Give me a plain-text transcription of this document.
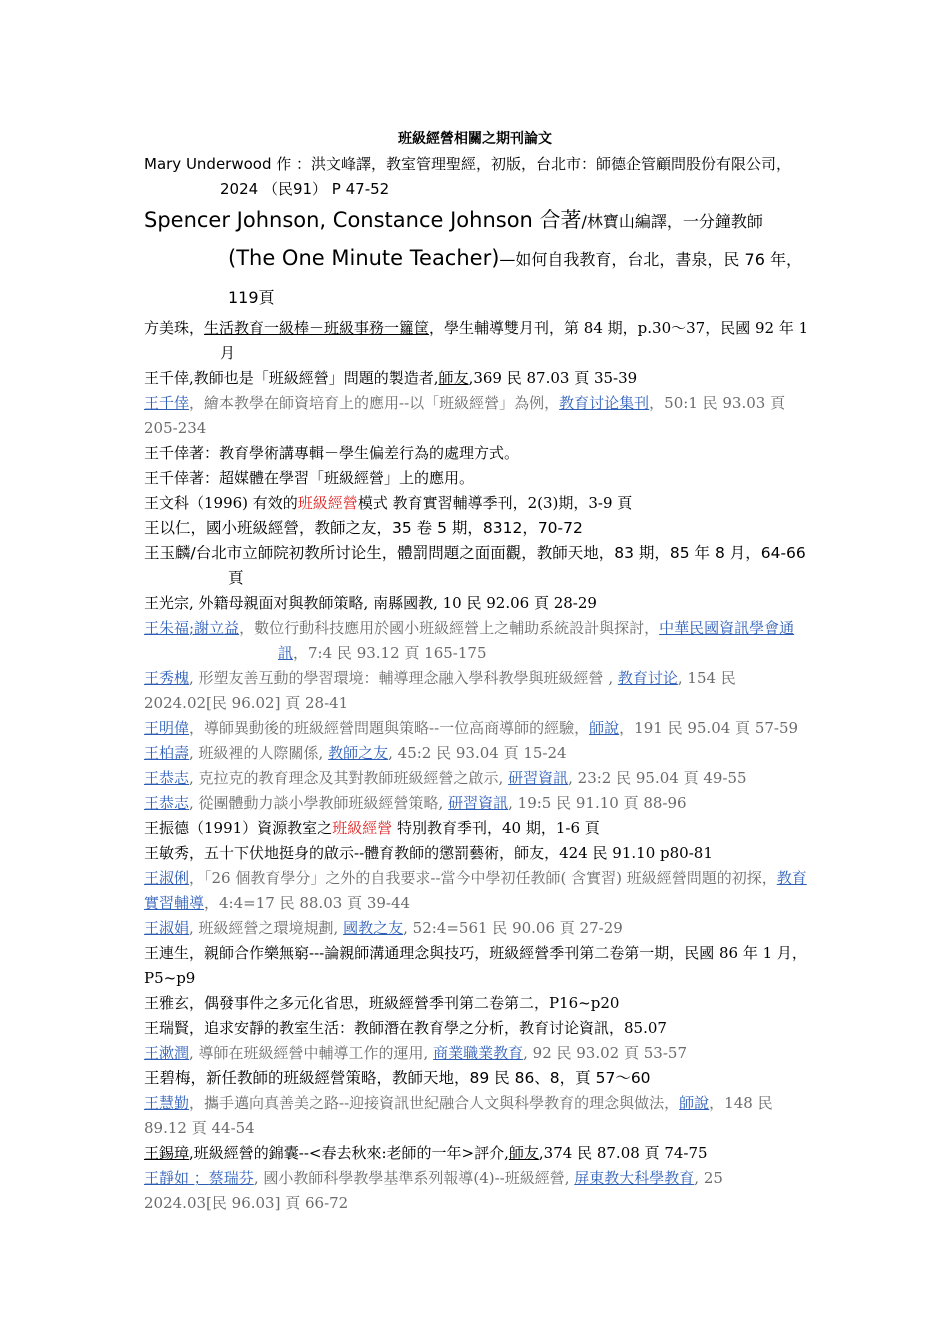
班級經營相關之期刊論文

Mary Underwood 作 ：洪文峰譯，教室管理聖經，初版，台北市：師德企管顧問股份有限公司，2024 （民91） P 47-52

Spencer Johnson, Constance Johnson 合著/林寶山編譯，一分鐘教師(The One Minute Teacher)—如何自我教育，台北，書泉，民 76 年，119頁

方美珠，生活教育一級棒－班級事務一籮筐，學生輔導雙月刊，第 84 期，p.30～37，民國 92 年 1 月

王千倖,教師也是「班級經營」問題的製造者,師友,369 民 87.03 頁 35-39

王千倖，繪本教學在師資培育上的應用--以「班級經營」為例，教育讨论集刊，50:1 民 93.03 頁 205-234

王千倖著：教育學術講專輯－學生偏差行為的處理方式。

王千倖著：超媒體在學習「班級經營」上的應用。

王文科（1996) 有效的班級經營模式 教育實習輔導季刊，2(3)期，3-9 頁

王以仁，國小班級經營，教師之友，35 卷 5 期，8312，70-72

王玉麟/台北市立師院初教所讨论生，體罰問題之面面觀，教師天地，83 期，85 年 8 月，64-66 頁

王光宗, 外籍母親面对與教師策略, 南縣國教, 10 民 92.06 頁 28-29

王朱福;謝立益，數位行動科技應用於國小班級經營上之輔助系統設計與探討，中華民國資訊學會通訊，7:4 民 93.12 頁 165-175

王秀槐, 形塑友善互動的學習環境：輔導理念融入學科教學與班級經營 , 教育讨论, 154 民 2024.02[民 96.02] 頁 28-41

王明偉，導師異動後的班級經營問題與策略--一位高商導師的經驗，師說，191 民 95.04 頁 57-59

王柏壽, 班級裡的人際關係, 教師之友, 45:2 民 93.04 頁 15-24

王恭志, 克拉克的教育理念及其對教師班級經營之啟示, 研習資訊, 23:2 民 95.04 頁 49-55

王恭志, 從團體動力談小學教師班級經營策略, 研習資訊, 19:5 民 91.10 頁 88-96

王振德（1991）資源教室之班級經營 特別教育季刊，40 期，1-6 頁

王敏秀，五十下伏地挺身的啟示--體育教師的懲罰藝術，師友，424 民 91.10 p80-81

王淑俐，「26 個教育學分」之外的自我要求--當今中學初任教師( 含實習) 班級經營問題的初探，教育實習輔導，4:4=17 民 88.03 頁 39-44

王淑娟, 班級經營之環境規劃, 國教之友, 52:4=561 民 90.06 頁 27-29

王連生，親師合作樂無窮---論親師溝通理念與技巧，班級經營季刊第二卷第一期，民國 86 年 1 月，P5~p9

王雅玄，偶發事件之多元化省思，班級經營季刊第二卷第二，P16~p20

王瑞賢，追求安靜的教室生活：教師潛在教育學之分析，教育讨论資訊，85.07

王漱潤, 導師在班級經營中輔導工作的運用, 商業職業教育, 92 民 93.02 頁 53-57

王碧梅，新任教師的班級經營策略，教師天地，89 民 86、8，頁 57～60

王慧勤，攜手邁向真善美之路--迎接資訊世紀融合人文與科學教育的理念與做法，師說，148 民 89.12 頁 44-54

王錫璋,班級經營的錦囊--<春去秋來:老師的一年>評介,師友,374 民 87.08 頁 74-75

王靜如 ；蔡瑞芬, 國小教師科學教學基準系列報導(4)--班級經營, 屏東教大科學教育, 25 2024.03[民 96.03] 頁 66-72
